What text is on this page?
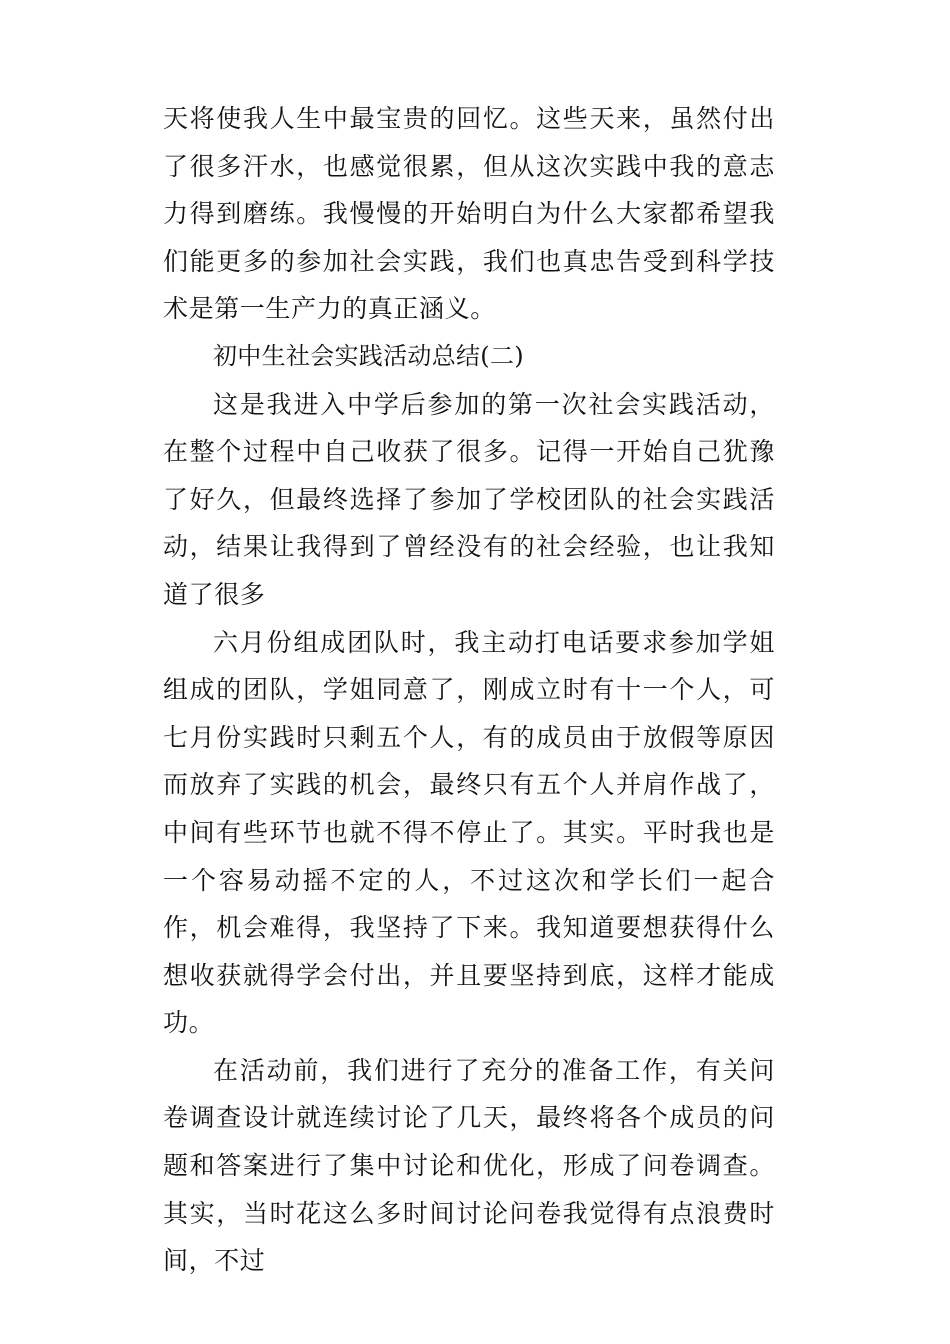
天将使我人生中最宝贵的回忆。这些天来，虽然付出了很多汗水，也感觉很累，但从这次实践中我的意志力得到磨练。我慢慢的开始明白为什么大家都希望我们能更多的参加社会实践，我们也真忠告受到科学技术是第一生产力的真正涵义。

初中生社会实践活动总结(二)

这是我进入中学后参加的第一次社会实践活动，在整个过程中自己收获了很多。记得一开始自己犹豫了好久，但最终选择了参加了学校团队的社会实践活动，结果让我得到了曾经没有的社会经验，也让我知道了很多

六月份组成团队时，我主动打电话要求参加学姐组成的团队，学姐同意了，刚成立时有十一个人，可七月份实践时只剩五个人，有的成员由于放假等原因而放弃了实践的机会，最终只有五个人并肩作战了，中间有些环节也就不得不停止了。其实。平时我也是一个容易动摇不定的人，不过这次和学长们一起合作，机会难得，我坚持了下来。我知道要想获得什么想收获就得学会付出，并且要坚持到底，这样才能成功。

在活动前，我们进行了充分的准备工作，有关问卷调查设计就连续讨论了几天，最终将各个成员的问题和答案进行了集中讨论和优化，形成了问卷调查。其实，当时花这么多时间讨论问卷我觉得有点浪费时间，不过
